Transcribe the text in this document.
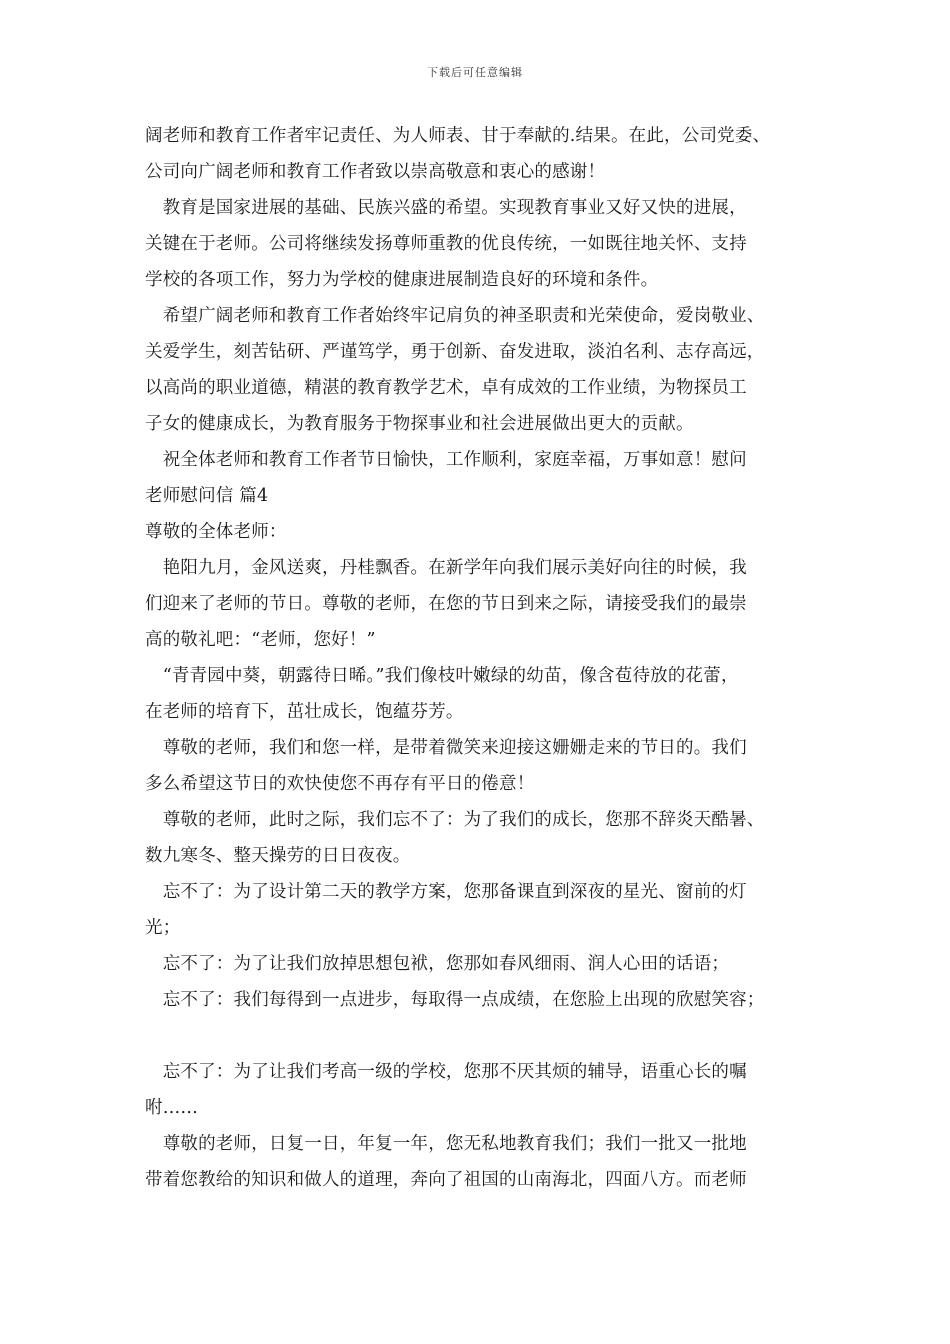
下载后可任意编辑
阔老师和教育工作者牢记责任、为人师表、甘于奉献的.结果。在此，公司党委、
公司向广阔老师和教育工作者致以崇高敬意和衷心的感谢！
　教育是国家进展的基础、民族兴盛的希望。实现教育事业又好又快的进展，
关键在于老师。公司将继续发扬尊师重教的优良传统，一如既往地关怀、支持
学校的各项工作，努力为学校的健康进展制造良好的环境和条件。
　希望广阔老师和教育工作者始终牢记肩负的神圣职责和光荣使命，爱岗敬业、
关爱学生，刻苦钻研、严谨笃学，勇于创新、奋发进取，淡泊名利、志存高远，
以高尚的职业道德，精湛的教育教学艺术，卓有成效的工作业绩，为物探员工
子女的健康成长，为教育服务于物探事业和社会进展做出更大的贡献。
　祝全体老师和教育工作者节日愉快，工作顺利，家庭幸福，万事如意！慰问
老师慰问信 篇4
尊敬的全体老师：
　艳阳九月，金风送爽，丹桂飘香。在新学年向我们展示美好向往的时候，我
们迎来了老师的节日。尊敬的老师，在您的节日到来之际，请接受我们的最崇
高的敬礼吧：“老师，您好！”
　“青青园中葵，朝露待日晞。”我们像枝叶嫩绿的幼苗，像含苞待放的花蕾，
在老师的培育下，茁壮成长，饱蕴芬芳。
　尊敬的老师，我们和您一样，是带着微笑来迎接这姗姗走来的节日的。我们
多么希望这节日的欢快使您不再存有平日的倦意！
　尊敬的老师，此时之际，我们忘不了：为了我们的成长，您那不辞炎天酷暑、
数九寒冬、整天操劳的日日夜夜。
　忘不了：为了设计第二天的教学方案，您那备课直到深夜的星光、窗前的灯
光；
　忘不了：为了让我们放掉思想包袱，您那如春风细雨、润人心田的话语；
　忘不了：我们每得到一点进步，每取得一点成绩，在您脸上出现的欣慰笑容；
　忘不了：为了让我们考高一级的学校，您那不厌其烦的辅导，语重心长的嘱
咐……
　尊敬的老师，日复一日，年复一年，您无私地教育我们；我们一批又一批地
带着您教给的知识和做人的道理，奔向了祖国的山南海北，四面八方。而老师
